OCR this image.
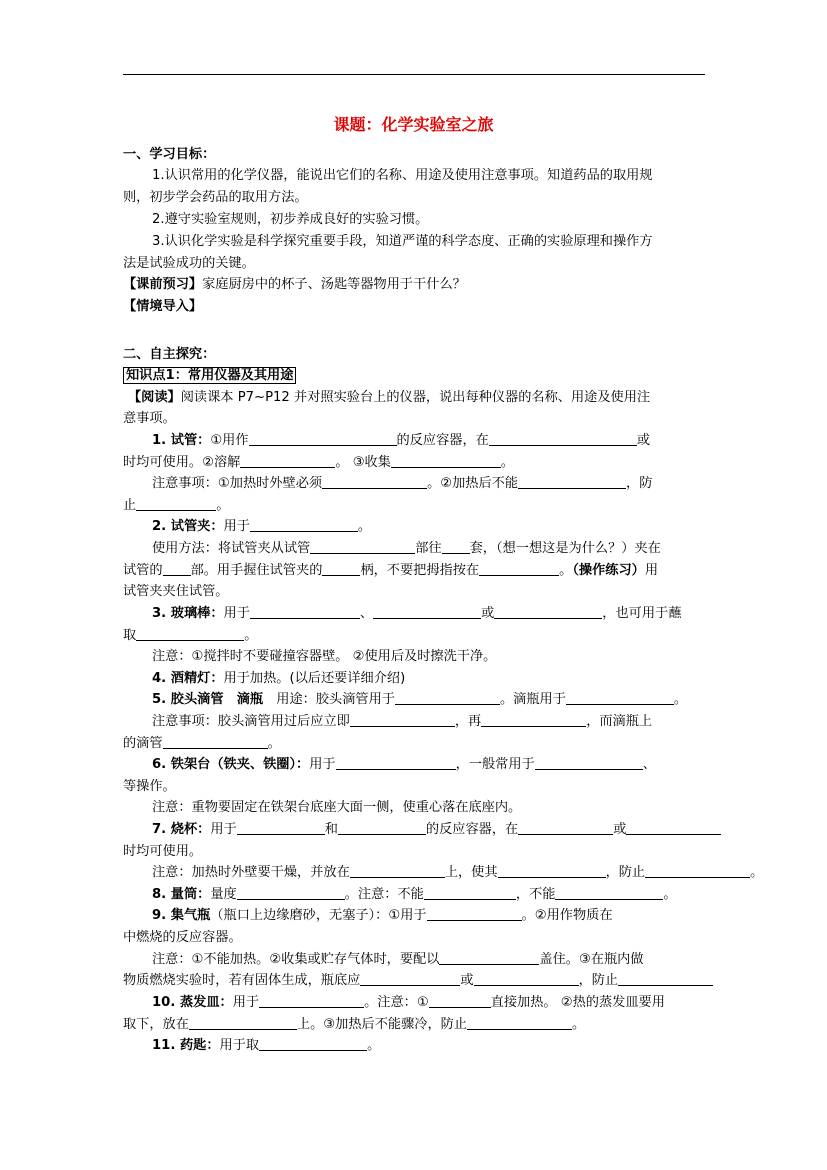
课题：化学实验室之旅
一、学习目标：
1.认识常用的化学仪器，能说出它们的名称、用途及使用注意事项。知道药品的取用规
则，初步学会药品的取用方法。
2.遵守实验室规则，初步养成良好的实验习惯。
3.认识化学实验是科学探究重要手段，知道严谨的科学态度、正确的实验原理和操作方
法是试验成功的关键。
【课前预习】家庭厨房中的杯子、汤匙等器物用于干什么？
【情境导入】
二、自主探究：
知识点1：常用仪器及其用途
【阅读】阅读课本 P7~P12 并对照实验台上的仪器，说出每种仪器的名称、用途及使用注
意事项。
1. 试管：①用作	的反应容器，在	或
时均可使用。②溶解	。 ③收集	。
注意事项：①加热时外壁必须	。②加热后不能	，防
止	。
2. 试管夹：用于	。
使用方法：将试管夹从试管	部往 套，（想一想这是为什么？）夹在
试管的 部。用手握住试管夹的	柄，不要把拇指按在	。（操作练习）用
试管夹夹住试管。
3. 玻璃棒：用于	、	或	，也可用于蘸
取	。
注意：①搅拌时不要碰撞容器壁。 ②使用后及时擦洗干净。
4. 酒精灯：用于加热。(以后还要详细介绍)
5. 胶头滴管　滴瓶　用途：胶头滴管用于	。滴瓶用于	。
注意事项：胶头滴管用过后应立即	，再	，而滴瓶上
的滴管	。
6. 铁架台（铁夹、铁圈）：用于	，一般常用于	、
等操作。
注意：重物要固定在铁架台底座大面一侧，使重心落在底座内。
7. 烧杯：用于	和	的反应容器，在	或
时均可使用。
注意：加热时外壁要干燥，并放在	上，使其	，防止	。
8. 量筒：量度	。注意：不能	，不能	。
9. 集气瓶（瓶口上边缘磨砂，无塞子）：①用于	。②用作物质在
中燃烧的反应容器。
注意：①不能加热。②收集或贮存气体时，要配以	盖住。③在瓶内做
物质燃烧实验时，若有固体生成，瓶底应	或	，防止
10. 蒸发皿：用于	。注意：①	直接加热。 ②热的蒸发皿要用
取下，放在	上。③加热后不能骤冷，防止	。
11. 药匙：用于取	。
